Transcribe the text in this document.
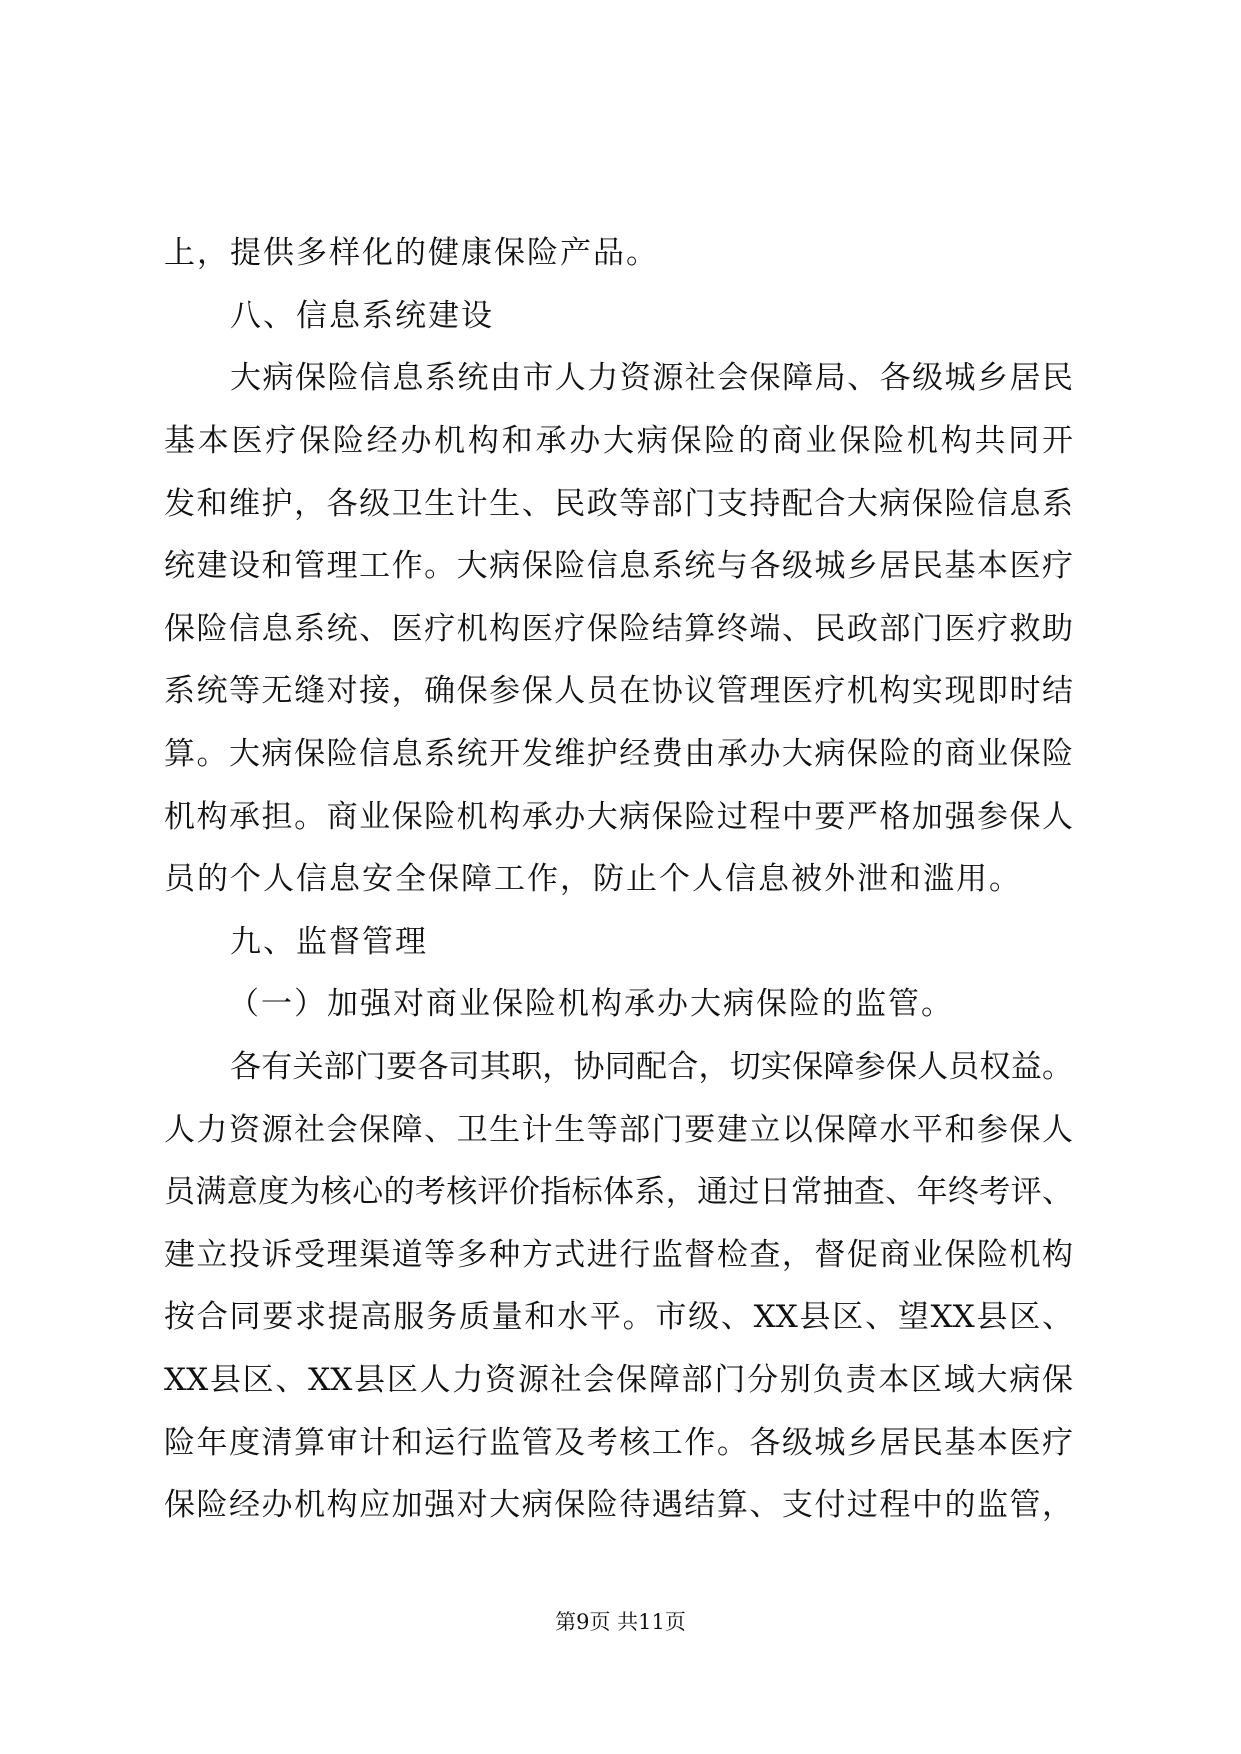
上，提供多样化的健康保险产品。
八、信息系统建设
大病保险信息系统由市人力资源社会保障局、各级城乡居民
基本医疗保险经办机构和承办大病保险的商业保险机构共同开
发和维护，各级卫生计生、民政等部门支持配合大病保险信息系
统建设和管理工作。大病保险信息系统与各级城乡居民基本医疗
保险信息系统、医疗机构医疗保险结算终端、民政部门医疗救助
系统等无缝对接，确保参保人员在协议管理医疗机构实现即时结
算。大病保险信息系统开发维护经费由承办大病保险的商业保险
机构承担。商业保险机构承办大病保险过程中要严格加强参保人
员的个人信息安全保障工作，防止个人信息被外泄和滥用。
九、监督管理
（一）加强对商业保险机构承办大病保险的监管。
各有关部门要各司其职，协同配合，切实保障参保人员权益。
人力资源社会保障、卫生计生等部门要建立以保障水平和参保人
员满意度为核心的考核评价指标体系，通过日常抽查、年终考评、
建立投诉受理渠道等多种方式进行监督检查，督促商业保险机构
按合同要求提高服务质量和水平。市级、XX县区、望XX县区、
XX县区、XX县区人力资源社会保障部门分别负责本区域大病保
险年度清算审计和运行监管及考核工作。各级城乡居民基本医疗
保险经办机构应加强对大病保险待遇结算、支付过程中的监管，
第9页 共11页
